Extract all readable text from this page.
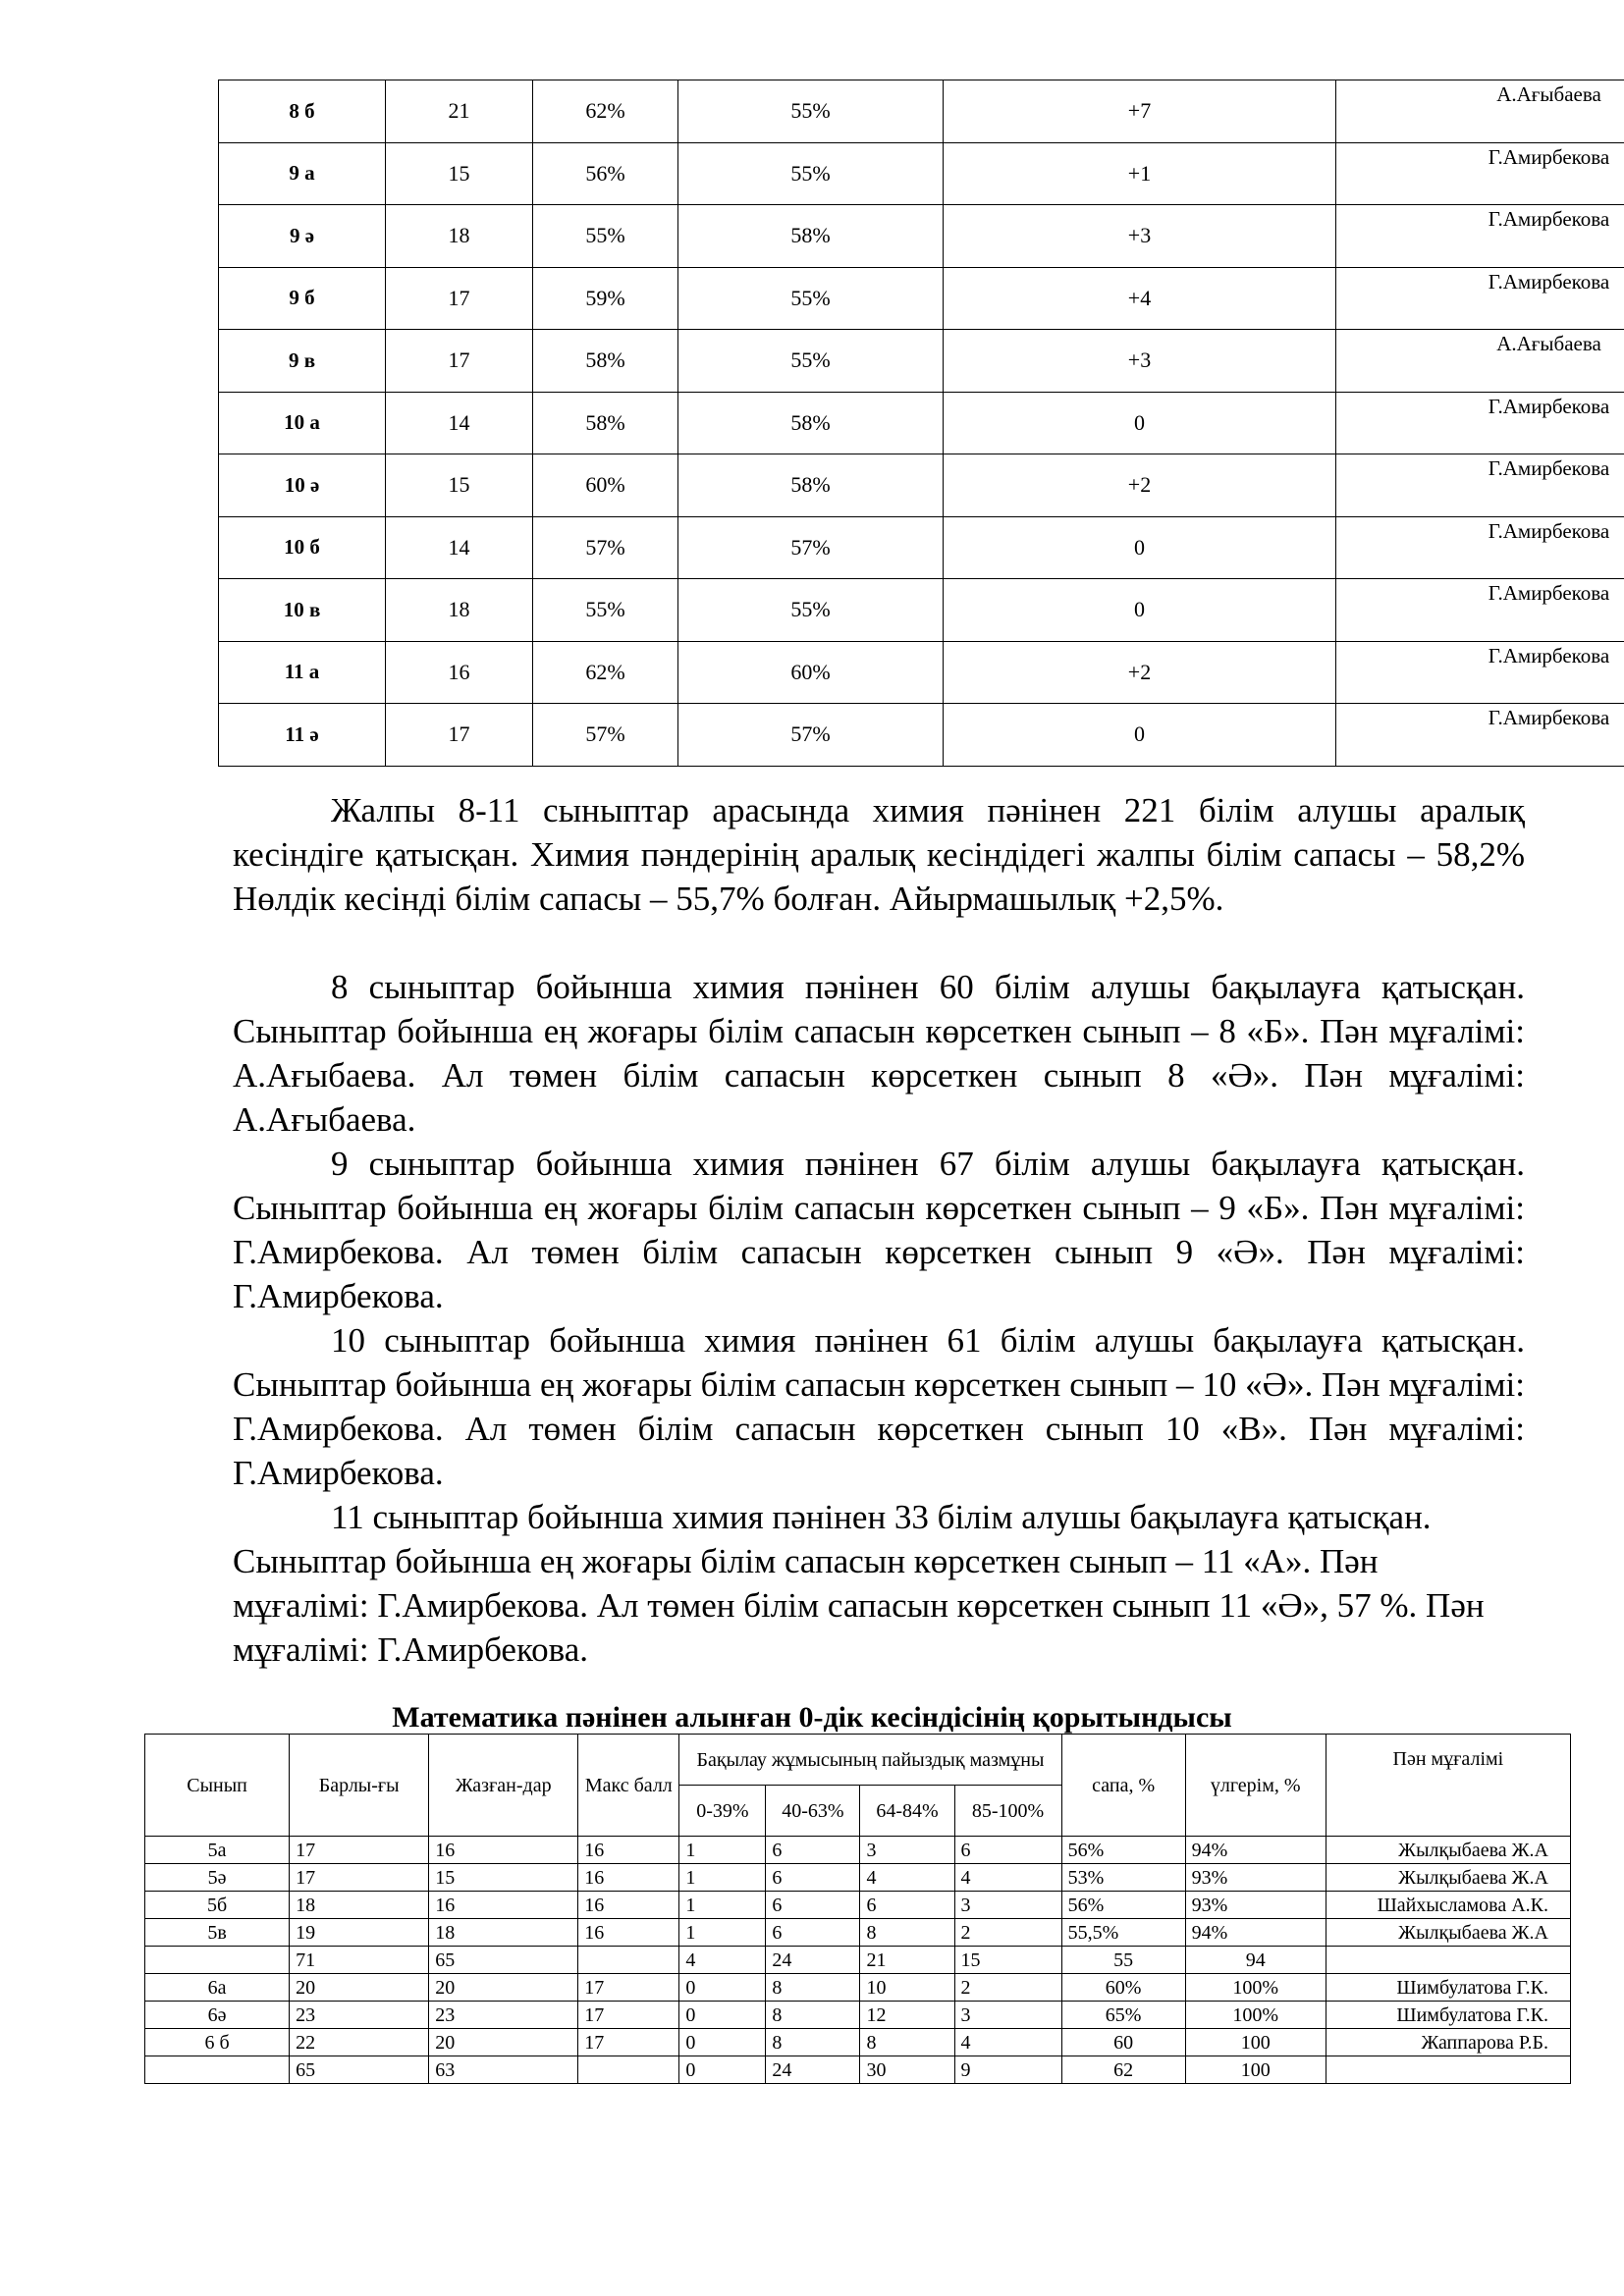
8 б	21	62%	55%	+7	А.Ағыбаева
9 а	15	56%	55%	+1	Г.Амирбекова
9 ә	18	55%	58%	+3	Г.Амирбекова
9 б	17	59%	55%	+4	Г.Амирбекова
9 в	17	58%	55%	+3	А.Ағыбаева
10 а	14	58%	58%	0	Г.Амирбекова
10 ә	15	60%	58%	+2	Г.Амирбекова
10 б	14	57%	57%	0	Г.Амирбекова
10 в	18	55%	55%	0	Г.Амирбекова
11 а	16	62%	60%	+2	Г.Амирбекова
11 ә	17	57%	57%	0	Г.Амирбекова

Жалпы 8-11 сыныптар арасында химия пәнінен 221 білім алушы аралық кесіндіге қатысқан. Химия пәндерінің аралық кесіндідегі жалпы білім сапасы – 58,2% Нөлдік кесінді білім сапасы – 55,7% болған. Айырмашылық +2,5%.

8 сыныптар бойынша химия пәнінен 60 білім алушы бақылауға қатысқан. Сыныптар бойынша ең жоғары білім сапасын көрсеткен сынып – 8 «Б». Пән мұғалімі: А.Ағыбаева. Ал төмен білім сапасын көрсеткен сынып 8 «Ә». Пән мұғалімі: А.Ағыбаева.

9 сыныптар бойынша химия пәнінен 67 білім алушы бақылауға қатысқан. Сыныптар бойынша ең жоғары білім сапасын көрсеткен сынып – 9 «Б». Пән мұғалімі: Г.Амирбекова. Ал төмен білім сапасын көрсеткен сынып 9 «Ә». Пән мұғалімі: Г.Амирбекова.

10 сыныптар бойынша химия пәнінен 61 білім алушы бақылауға қатысқан. Сыныптар бойынша ең жоғары білім сапасын көрсеткен сынып – 10 «Ә». Пән мұғалімі: Г.Амирбекова. Ал төмен білім сапасын көрсеткен сынып 10 «В». Пән мұғалімі: Г.Амирбекова.

11 сыныптар бойынша химия пәнінен 33 білім алушы бақылауға қатысқан. Сыныптар бойынша ең жоғары білім сапасын көрсеткен сынып – 11 «А». Пән мұғалімі: Г.Амирбекова. Ал төмен білім сапасын көрсеткен сынып 11 «Ә», 57 %. Пән мұғалімі: Г.Амирбекова.

Математика пәнінен алынған 0-дік кесіндісінің қорытындысы
Сынып	Барлы-ғы	Жазған-дар	Макс балл	Бақылау жұмысының пайыздық мазмұны				сапа, %	үлгерім, %	Пән мұғалімі
				0-39%	40-63%	64-84%	85-100%			
5а	17	16	16	1	6	3	6	56%	94%	Жылқыбаева Ж.А
5ә	17	15	16	1	6	4	4	53%	93%	Жылқыбаева Ж.А
5б	18	16	16	1	6	6	3	56%	93%	Шайхысламова А.К.
5в	19	18	16	1	6	8	2	55,5%	94%	Жылқыбаева Ж.А
	71	65		4	24	21	15	55	94	
6а	20	20	17	0	8	10	2	60%	100%	Шимбулатова Г.К.
6ә	23	23	17	0	8	12	3	65%	100%	Шимбулатова Г.К.
6 б	22	20	17	0	8	8	4	60	100	Жаппарова Р.Б.
	65	63		0	24	30	9	62	100	
